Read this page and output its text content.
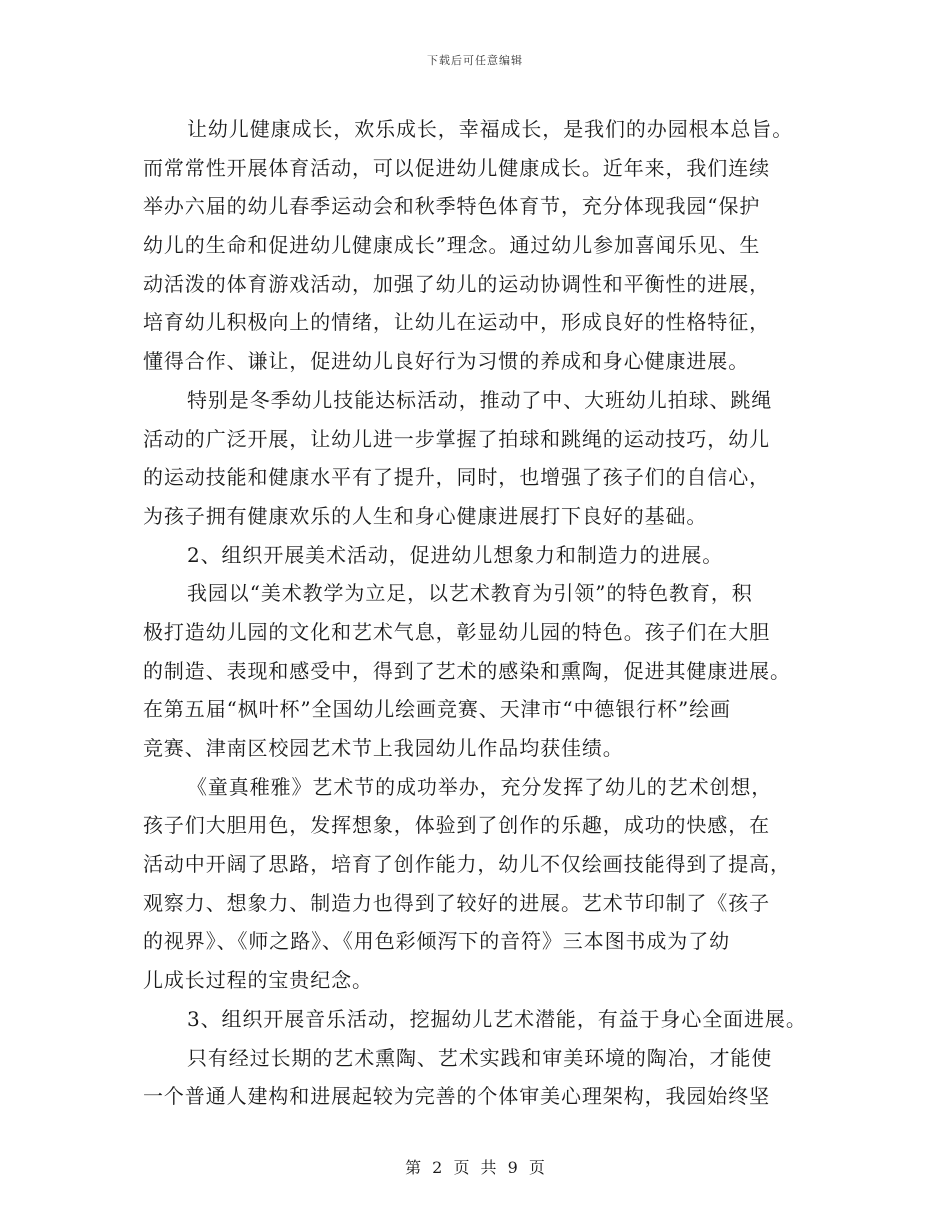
下载后可任意编辑
让幼儿健康成长，欢乐成长，幸福成长，是我们的办园根本总旨。
而常常性开展体育活动，可以促进幼儿健康成长。近年来，我们连续
举办六届的幼儿春季运动会和秋季特色体育节，充分体现我园“保护
幼儿的生命和促进幼儿健康成长”理念。通过幼儿参加喜闻乐见、生
动活泼的体育游戏活动，加强了幼儿的运动协调性和平衡性的进展，
培育幼儿积极向上的情绪，让幼儿在运动中，形成良好的性格特征，
懂得合作、谦让，促进幼儿良好行为习惯的养成和身心健康进展。
特别是冬季幼儿技能达标活动，推动了中、大班幼儿拍球、跳绳
活动的广泛开展，让幼儿进一步掌握了拍球和跳绳的运动技巧，幼儿
的运动技能和健康水平有了提升，同时，也增强了孩子们的自信心，
为孩子拥有健康欢乐的人生和身心健康进展打下良好的基础。
2、组织开展美术活动，促进幼儿想象力和制造力的进展。
我园以“美术教学为立足，以艺术教育为引领”的特色教育，积
极打造幼儿园的文化和艺术气息，彰显幼儿园的特色。孩子们在大胆
的制造、表现和感受中，得到了艺术的感染和熏陶，促进其健康进展。
在第五届“枫叶杯”全国幼儿绘画竞赛、天津市“中德银行杯”绘画
竞赛、津南区校园艺术节上我园幼儿作品均获佳绩。
《童真稚雅》艺术节的成功举办，充分发挥了幼儿的艺术创想，
孩子们大胆用色，发挥想象，体验到了创作的乐趣，成功的快感，在
活动中开阔了思路，培育了创作能力，幼儿不仅绘画技能得到了提高，
观察力、想象力、制造力也得到了较好的进展。艺术节印制了《孩子
的视界》、《师之路》、《用色彩倾泻下的音符》三本图书成为了幼
儿成长过程的宝贵纪念。
3、组织开展音乐活动，挖掘幼儿艺术潜能，有益于身心全面进展。
只有经过长期的艺术熏陶、艺术实践和审美环境的陶冶，才能使
一个普通人建构和进展起较为完善的个体审美心理架构，我园始终坚
第 2 页 共 9 页
